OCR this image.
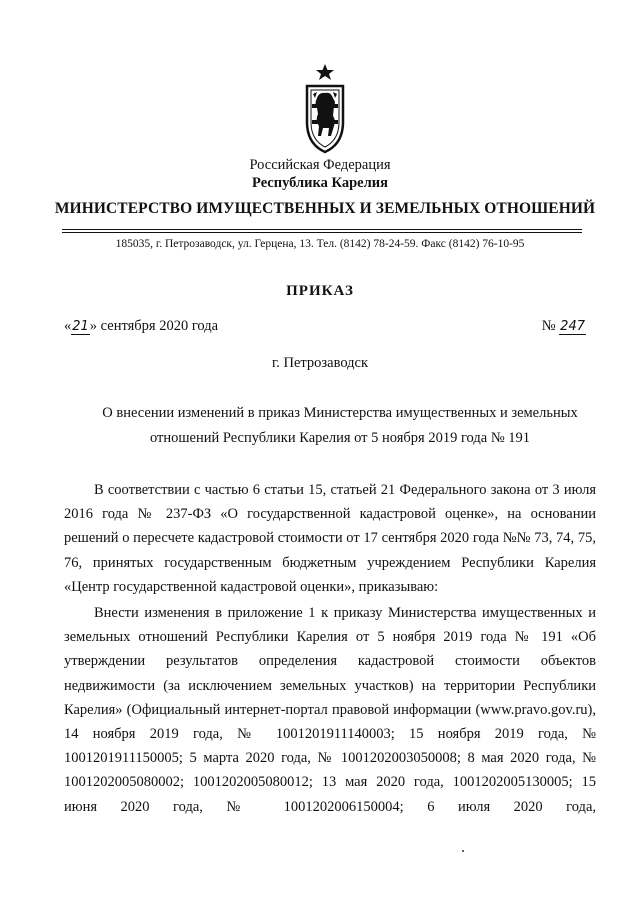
Российская Федерация
Республика Карелия
МИНИСТЕРСТВО ИМУЩЕСТВЕННЫХ И ЗЕМЕЛЬНЫХ ОТНОШЕНИЙ
185035, г. Петрозаводск, ул. Герцена, 13. Тел. (8142) 78-24-59. Факс (8142) 76-10-95
ПРИКАЗ
«21» сентября 2020 года	№ 247
г. Петрозаводск
О внесении изменений в приказ Министерства имущественных и земельных
отношений Республики Карелия от 5 ноября 2019 года № 191

В соответствии с частью 6 статьи 15, статьей 21 Федерального закона от 3 июля 2016 года № 237-ФЗ «О государственной кадастровой оценке», на основании решений о пересчете кадастровой стоимости от 17 сентября 2020 года №№ 73, 74, 75, 76, принятых государственным бюджетным учреждением Республики Карелия «Центр государственной кадастровой оценки», приказываю:

Внести изменения в приложение 1 к приказу Министерства имущественных и земельных отношений Республики Карелия от 5 ноября 2019 года № 191 «Об утверждении результатов определения кадастровой стоимости объектов недвижимости (за исключением земельных участков) на территории Республики Карелия» (Официальный интернет-портал правовой информации (www.pravo.gov.ru), 14 ноября 2019 года, № 1001201911140003; 15 ноября 2019 года, № 1001201911150005; 5 марта 2020 года, № 1001202003050008; 8 мая 2020 года, № 1001202005080002; 1001202005080012; 13 мая 2020 года, 1001202005130005; 15 июня 2020 года, № 1001202006150004; 6 июля 2020 года,
